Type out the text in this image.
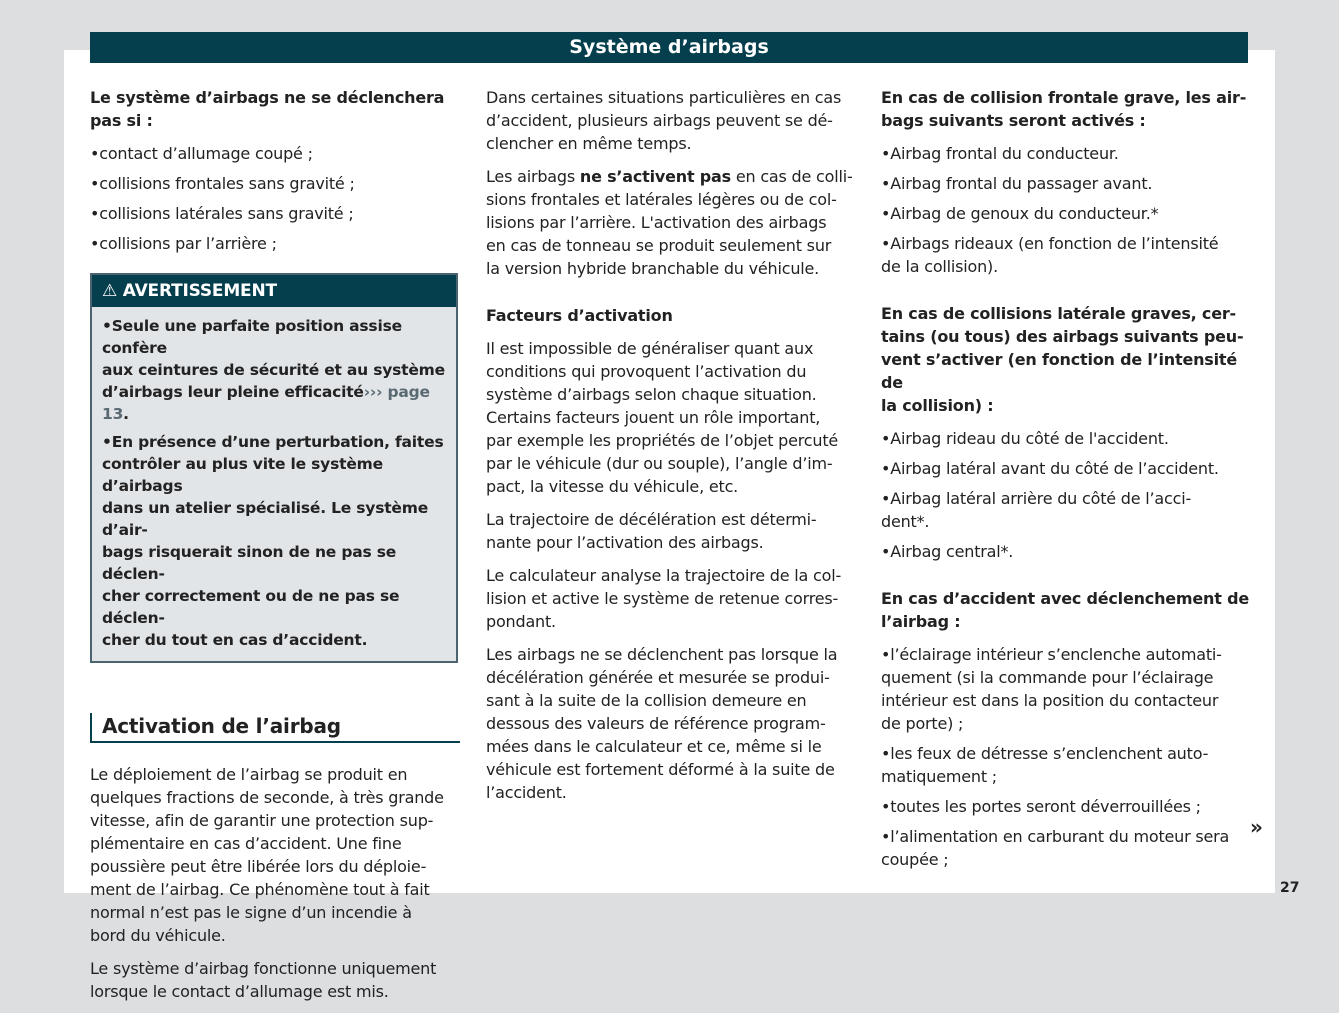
Système d’airbags
Le système d’airbags ne se déclenchera
pas si :
• contact d’allumage coupé ;
• collisions frontales sans gravité ;
• collisions latérales sans gravité ;
• collisions par l’arrière ;
⚠ AVERTISSEMENT
• Seule une parfaite position assise confère
aux ceintures de sécurité et au système
d’airbags leur pleine efficacité››› page 13.
• En présence d’une perturbation, faites
contrôler au plus vite le système d’airbags
dans un atelier spécialisé. Le système d’air-
bags risquerait sinon de ne pas se déclen-
cher correctement ou de ne pas se déclen-
cher du tout en cas d’accident.
Activation de l’airbag
Le déploiement de l’airbag se produit en
quelques fractions de seconde, à très grande
vitesse, afin de garantir une protection sup-
plémentaire en cas d’accident. Une fine
poussière peut être libérée lors du déploie-
ment de l’airbag. Ce phénomène tout à fait
normal n’est pas le signe d’un incendie à
bord du véhicule.
Le système d’airbag fonctionne uniquement
lorsque le contact d’allumage est mis.
Dans certaines situations particulières en cas
d’accident, plusieurs airbags peuvent se dé-
clencher en même temps.
Les airbags ne s’activent pas en cas de colli-
sions frontales et latérales légères ou de col-
lisions par l’arrière. L'activation des airbags
en cas de tonneau se produit seulement sur
la version hybride branchable du véhicule.
Facteurs d’activation
Il est impossible de généraliser quant aux
conditions qui provoquent l’activation du
système d’airbags selon chaque situation.
Certains facteurs jouent un rôle important,
par exemple les propriétés de l’objet percuté
par le véhicule (dur ou souple), l’angle d’im-
pact, la vitesse du véhicule, etc.
La trajectoire de décélération est détermi-
nante pour l’activation des airbags.
Le calculateur analyse la trajectoire de la col-
lision et active le système de retenue corres-
pondant.
Les airbags ne se déclenchent pas lorsque la
décélération générée et mesurée se produi-
sant à la suite de la collision demeure en
dessous des valeurs de référence program-
mées dans le calculateur et ce, même si le
véhicule est fortement déformé à la suite de
l’accident.
En cas de collision frontale grave, les air-
bags suivants seront activés :
• Airbag frontal du conducteur.
• Airbag frontal du passager avant.
• Airbag de genoux du conducteur.*
• Airbags rideaux (en fonction de l’intensité
de la collision).
En cas de collisions latérale graves, cer-
tains (ou tous) des airbags suivants peu-
vent s’activer (en fonction de l’intensité de
la collision) :
• Airbag rideau du côté de l'accident.
• Airbag latéral avant du côté de l’accident.
• Airbag latéral arrière du côté de l’acci-
dent*.
• Airbag central*.
En cas d’accident avec déclenchement de
l’airbag :
• l’éclairage intérieur s’enclenche automati-
quement (si la commande pour l’éclairage
intérieur est dans la position du contacteur
de porte) ;
• les feux de détresse s’enclenchent auto-
matiquement ;
• toutes les portes seront déverrouillées ;
• l’alimentation en carburant du moteur sera
coupée ;
»
27
